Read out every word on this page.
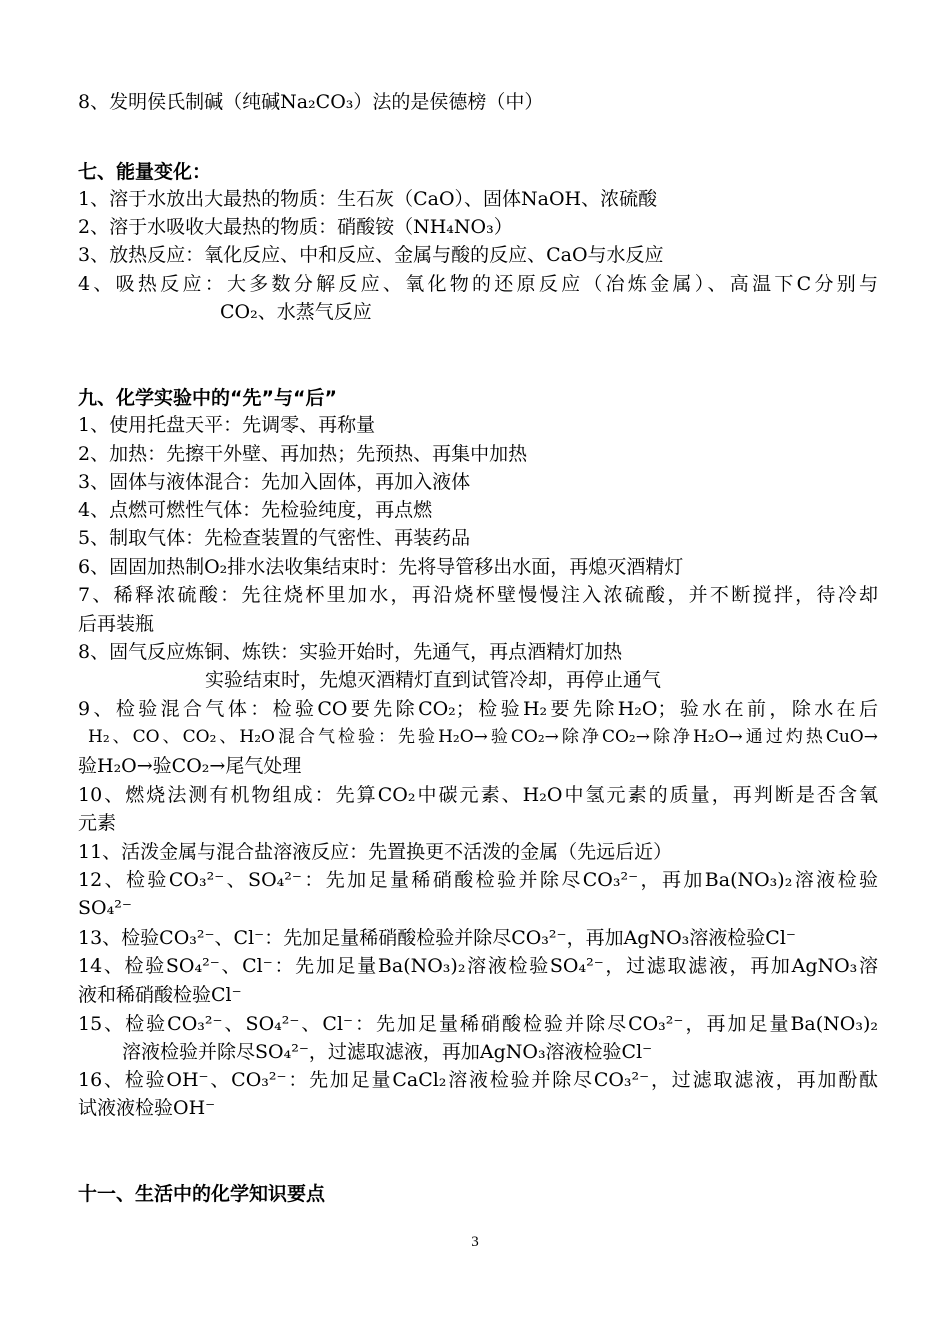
8、发明侯氏制碱（纯碱Na₂CO₃）法的是侯德榜（中）
七、能量变化：
1、溶于水放出大最热的物质：生石灰（CaO）、固体NaOH、浓硫酸
2、溶于水吸收大最热的物质：硝酸铵（NH₄NO₃）
3、放热反应：氧化反应、中和反应、金属与酸的反应、CaO与水反应
4、吸热反应：大多数分解反应、氧化物的还原反应（冶炼金属）、高温下C分别与
CO₂、水蒸气反应
九、化学实验中的“先”与“后”
1、使用托盘天平：先调零、再称量
2、加热：先擦干外壁、再加热；先预热、再集中加热
3、固体与液体混合：先加入固体，再加入液体
4、点燃可燃性气体：先检验纯度，再点燃
5、制取气体：先检查装置的气密性、再装药品
6、固固加热制O₂排水法收集结束时：先将导管移出水面，再熄灭酒精灯
7、稀释浓硫酸：先往烧杯里加水，再沿烧杯壁慢慢注入浓硫酸，并不断搅拌，待冷却
后再装瓶
8、固气反应炼铜、炼铁：实验开始时，先通气，再点酒精灯加热
实验结束时，先熄灭酒精灯直到试管冷却，再停止通气
9、检验混合气体：检验CO要先除CO₂；检验H₂要先除H₂O；验水在前，除水在后
H₂、CO、CO₂、H₂O混合气检验：先验H₂O→验CO₂→除净CO₂→除净H₂O→通过灼热CuO→
验H₂O→验CO₂→尾气处理
10、燃烧法测有机物组成：先算CO₂中碳元素、H₂O中氢元素的质量，再判断是否含氧
元素
11、活泼金属与混合盐溶液反应：先置换更不活泼的金属（先远后近）
12、检验CO₃²⁻、SO₄²⁻：先加足量稀硝酸检验并除尽CO₃²⁻，再加Ba(NO₃)₂溶液检验
SO₄²⁻
13、检验CO₃²⁻、Cl⁻：先加足量稀硝酸检验并除尽CO₃²⁻，再加AgNO₃溶液检验Cl⁻
14、检验SO₄²⁻、Cl⁻：先加足量Ba(NO₃)₂溶液检验SO₄²⁻，过滤取滤液，再加AgNO₃溶
液和稀硝酸检验Cl⁻
15、检验CO₃²⁻、SO₄²⁻、Cl⁻：先加足量稀硝酸检验并除尽CO₃²⁻，再加足量Ba(NO₃)₂
溶液检验并除尽SO₄²⁻，过滤取滤液，再加AgNO₃溶液检验Cl⁻
16、检验OH⁻、CO₃²⁻：先加足量CaCl₂溶液检验并除尽CO₃²⁻，过滤取滤液，再加酚酞
试液液检验OH⁻
十一、生活中的化学知识要点
3
